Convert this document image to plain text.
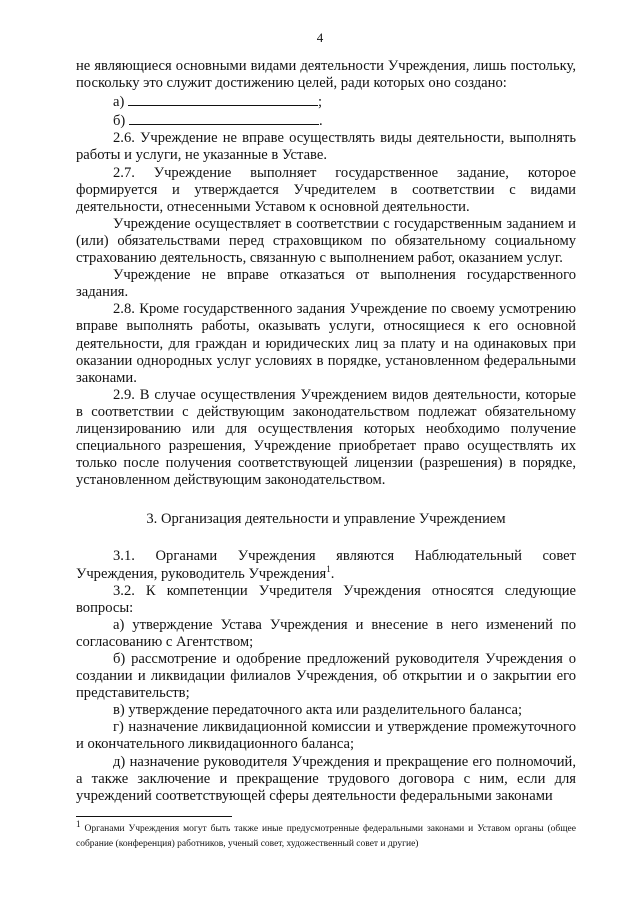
4

не являющиеся основными видами деятельности Учреждения, лишь постольку, поскольку это служит достижению целей, ради которых оно создано:

а)	;

б)	.

2.6. Учреждение не вправе осуществлять виды деятельности, выполнять работы и услуги, не указанные в Уставе.

2.7. Учреждение выполняет государственное задание, которое формируется и утверждается Учредителем в соответствии с видами деятельности, отнесенными Уставом к основной деятельности.

Учреждение осуществляет в соответствии с государственным заданием и (или) обязательствами перед страховщиком по обязательному социальному страхованию деятельность, связанную с выполнением работ, оказанием услуг.

Учреждение не вправе отказаться от выполнения государственного задания.

2.8. Кроме государственного задания Учреждение по своему усмотрению вправе выполнять работы, оказывать услуги, относящиеся к его основной деятельности, для граждан и юридических лиц за плату и на одинаковых при оказании однородных услуг условиях в порядке, установленном федеральными законами.

2.9. В случае осуществления Учреждением видов деятельности, которые в соответствии с действующим законодательством подлежат обязательному лицензированию или для осуществления которых необходимо получение специального разрешения, Учреждение приобретает право осуществлять их только после получения соответствующей лицензии (разрешения) в порядке, установленном действующим законодательством.

3. Организация деятельности и управление Учреждением

3.1. Органами Учреждения являются Наблюдательный совет Учреждения, руководитель Учреждения$^1$.

3.2. К компетенции Учредителя Учреждения относятся следующие вопросы:

а) утверждение Устава Учреждения и внесение в него изменений по согласованию с Агентством;

б) рассмотрение и одобрение предложений руководителя Учреждения о создании и ликвидации филиалов Учреждения, об открытии и о закрытии его представительств;

в) утверждение передаточного акта или разделительного баланса;

г) назначение ликвидационной комиссии и утверждение промежуточного и окончательного ликвидационного баланса;

д) назначение руководителя Учреждения и прекращение его полномочий, а также заключение и прекращение трудового договора с ним, если для учреждений соответствующей сферы деятельности федеральными законами

$^1$ Органами Учреждения могут быть также иные предусмотренные федеральными законами и Уставом органы (общее собрание (конференция) работников, ученый совет, художественный совет и другие)
